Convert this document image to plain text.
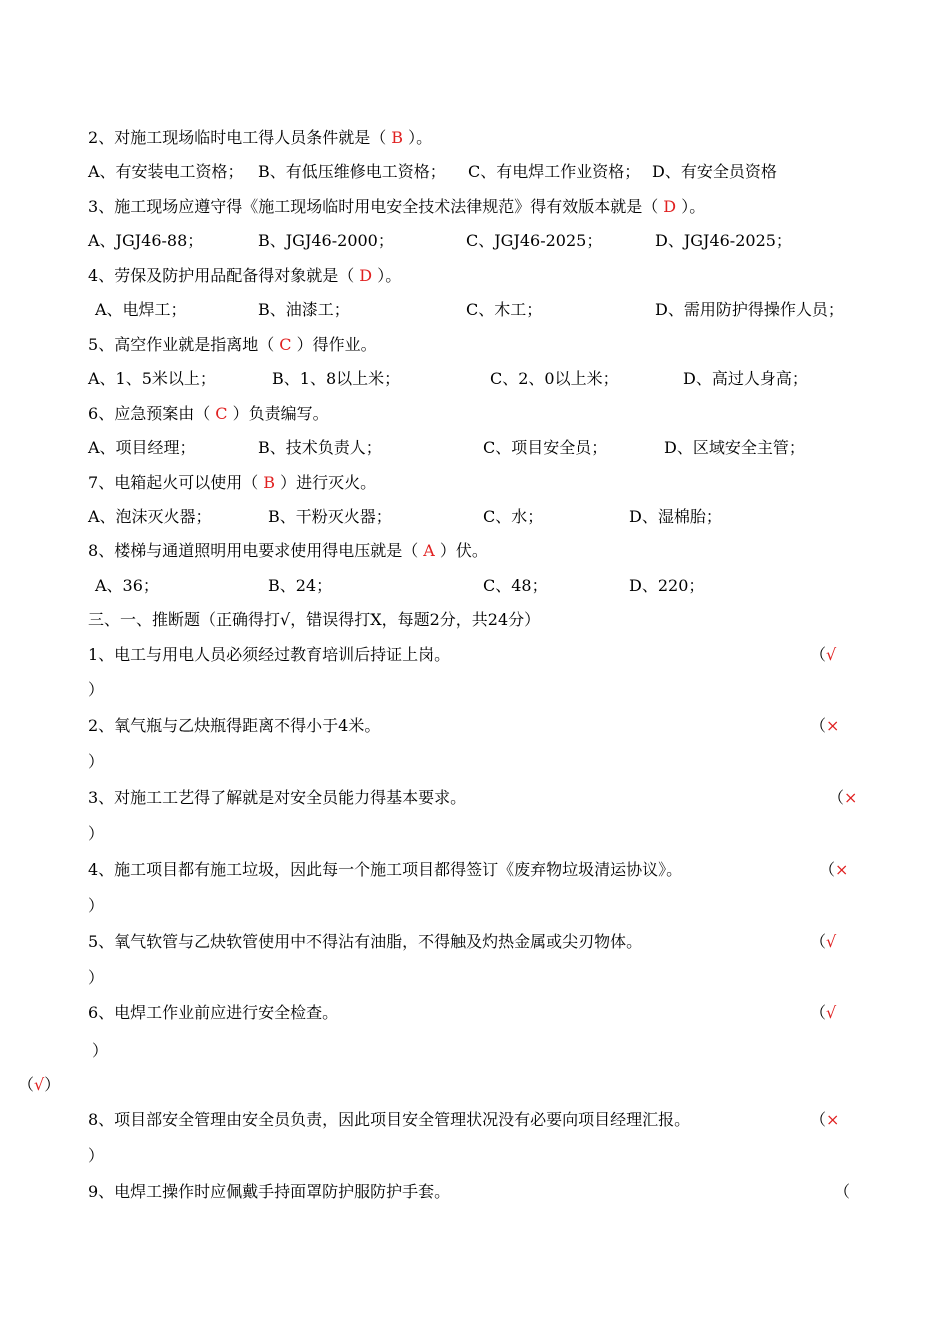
2、对施工现场临时电工得人员条件就是（ B ）。
A、有安装电工资格； B、有低压维修电工资格； C、有电焊工作业资格； D、有安全员资格
3、施工现场应遵守得《施工现场临时用电安全技术法律规范》得有效版本就是（ D ）。
A、JGJ46-88；	B、JGJ46-2000；	C、JGJ46-2025；	D、JGJ46-2025；
4、劳保及防护用品配备得对象就是（ D ）。
A、电焊工；	B、油漆工；	C、木工；	D、需用防护得操作人员；
5、高空作业就是指离地（ C ）得作业。
A、1、5米以上；	B、1、8以上米；	C、2、0以上米；	D、高过人身高；
6、应急预案由（ C ）负责编写。
A、项目经理；	B、技术负责人；	C、项目安全员；	D、区域安全主管；
7、电箱起火可以使用（ B ）进行灭火。
A、泡沫灭火器；	B、干粉灭火器；	C、水；	D、湿棉胎；
8、楼梯与通道照明用电要求使用得电压就是（ A ）伏。
A、36；	B、24；	C、48；	D、220；
三、一、推断题（正确得打√，错误得打X，每题2分，共24分）
1、电工与用电人员必须经过教育培训后持证上岗。	（√
）
2、氧气瓶与乙炔瓶得距离不得小于4米。	（×
）
3、对施工工艺得了解就是对安全员能力得基本要求。	（×
）
4、施工项目都有施工垃圾，因此每一个施工项目都得签订《废弃物垃圾清运协议》。	（×
）
5、氧气软管与乙炔软管使用中不得沾有油脂，不得触及灼热金属或尖刃物体。	（√
）
6、电焊工作业前应进行安全检查。	（√
）
（√）
8、项目部安全管理由安全员负责，因此项目安全管理状况没有必要向项目经理汇报。	（×
）
9、电焊工操作时应佩戴手持面罩防护服防护手套。	（
